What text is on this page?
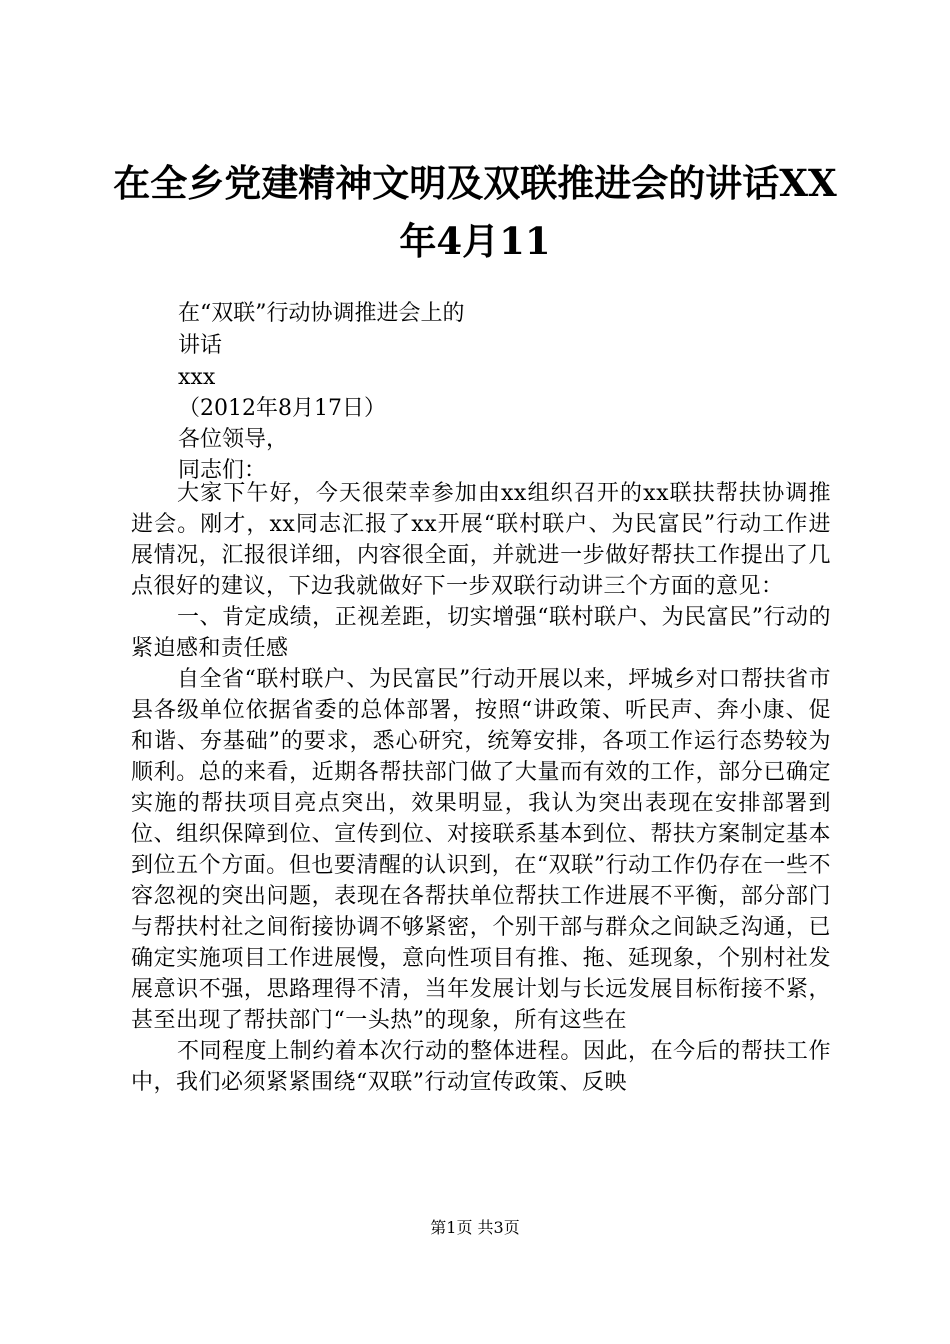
在全乡党建精神文明及双联推进会的讲话XX
年4月11
在“双联”行动协调推进会上的
讲话
xxx
（2012年8月17日）
各位领导，
同志们：

大家下午好，今天很荣幸参加由xx组织召开的xx联扶帮扶协调推进会。刚才，xx同志汇报了xx开展“联村联户、为民富民”行动工作进展情况，汇报很详细，内容很全面，并就进一步做好帮扶工作提出了几点很好的建议，下边我就做好下一步双联行动讲三个方面的意见：

一、肯定成绩，正视差距，切实增强“联村联户、为民富民”行动的紧迫感和责任感

自全省“联村联户、为民富民”行动开展以来，坪城乡对口帮扶省市县各级单位依据省委的总体部署，按照“讲政策、听民声、奔小康、促和谐、夯基础”的要求，悉心研究，统筹安排，各项工作运行态势较为顺利。总的来看，近期各帮扶部门做了大量而有效的工作，部分已确定实施的帮扶项目亮点突出，效果明显，我认为突出表现在安排部署到位、组织保障到位、宣传到位、对接联系基本到位、帮扶方案制定基本到位五个方面。但也要清醒的认识到，在“双联”行动工作仍存在一些不容忽视的突出问题，表现在各帮扶单位帮扶工作进展不平衡，部分部门与帮扶村社之间衔接协调不够紧密，个别干部与群众之间缺乏沟通，已确定实施项目工作进展慢，意向性项目有推、拖、延现象，个别村社发展意识不强，思路理得不清，当年发展计划与长远发展目标衔接不紧，甚至出现了帮扶部门“一头热”的现象，所有这些在

不同程度上制约着本次行动的整体进程。因此，在今后的帮扶工作中，我们必须紧紧围绕“双联”行动宣传政策、反映

第1页 共3页
